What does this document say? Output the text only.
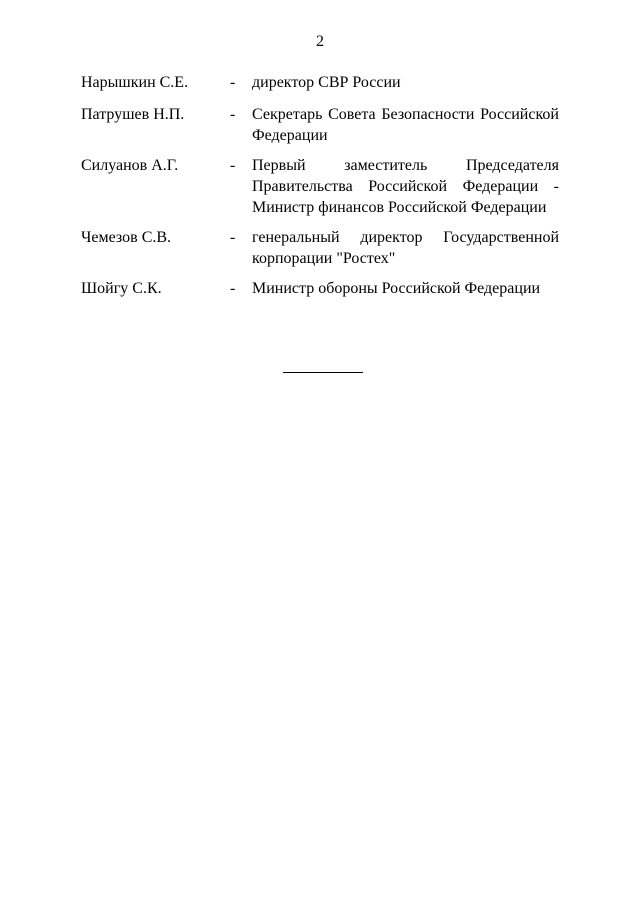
2
Нарышкин С.Е.	- директор СВР России
Патрушев Н.П.	- Секретарь Совета Безопасности Российской Федерации
Силуанов А.Г.	- Первый заместитель Председателя Правительства Российской Федерации - Министр финансов Российской Федерации
Чемезов С.В.	- генеральный директор Государственной корпорации "Ростех"
Шойгу С.К.	- Министр обороны Российской Федерации
